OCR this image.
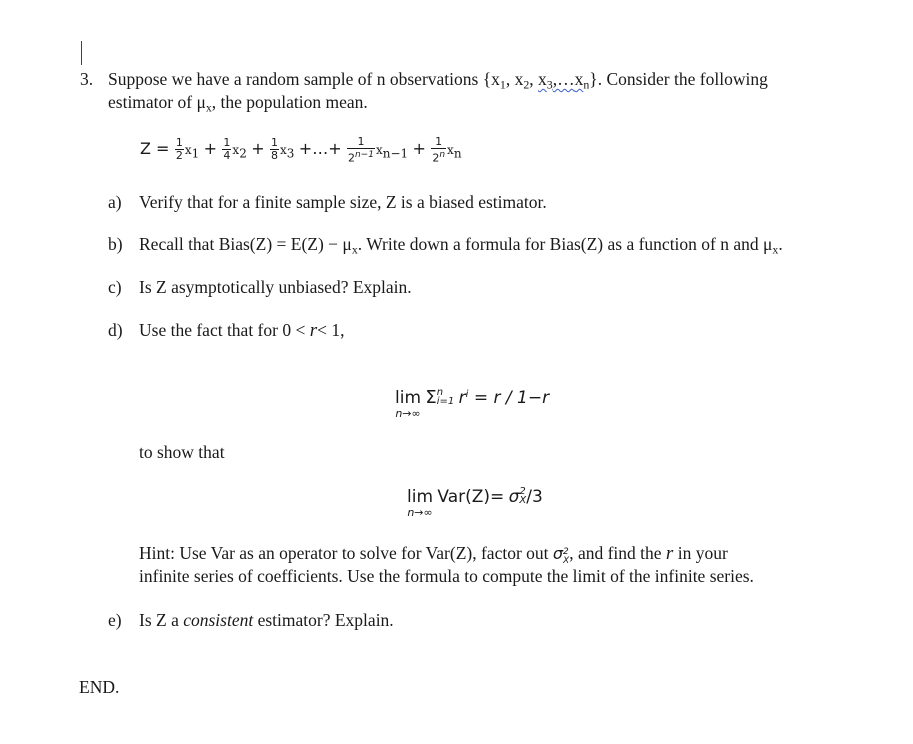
3. Suppose we have a random sample of n observations {$x_1$, $x_2$, $x_3,\dots x_n$}. Consider the following
estimator of $\mu_x$, the population mean.
$Z = \frac{1}{2} x_1 + \frac{1}{4} x_2 + \frac{1}{8} x_3$ +…+ $\frac{1}{2^{n-1}} x_{n-1} + \frac{1}{2^n} x_n$
a) Verify that for a finite sample size, Z is a biased estimator.
b) Recall that Bias(Z) = $E(Z) - \mu_x$. Write down a formula for Bias(Z) as a function of n and $\mu_x$.
c) Is Z asymptotically unbiased? Explain.
d) Use the fact that for 0 < r< 1,
lim
n→∞
Σ n
i=1 $r^i = r / 1-r$
to show that
lim
n→∞
Var(Z)= σ 2
X /3
Hint: Use Var as an operator to solve for Var(Z), factor out σ 2
X , and find the r in your
infinite series of coefficients. Use the formula to compute the limit of the infinite series.
e) Is Z a consistent estimator? Explain.
END.
